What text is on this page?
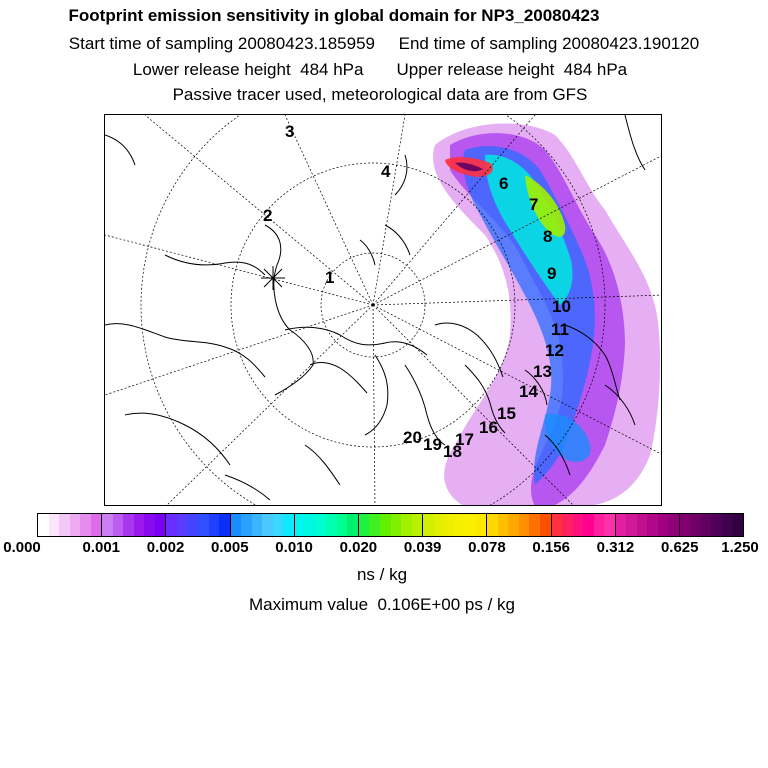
Footprint emission sensitivity in global domain for NP3_20080423
Start time of sampling 20080423.185959     End time of sampling 20080423.190120
Lower release height  484 hPa       Upper release height  484 hPa
Passive tracer used, meteorological data are from GFS
1
2
3
4
6
7
8
9
10
11
12
13
14
15
16
17
18
19
20
0.000	0.001 0.002 0.005 0.010 0.020 0.039 0.078 0.156 0.312 0.625 1.250
ns / kg
Maximum value  0.106E+00 ps / kg
